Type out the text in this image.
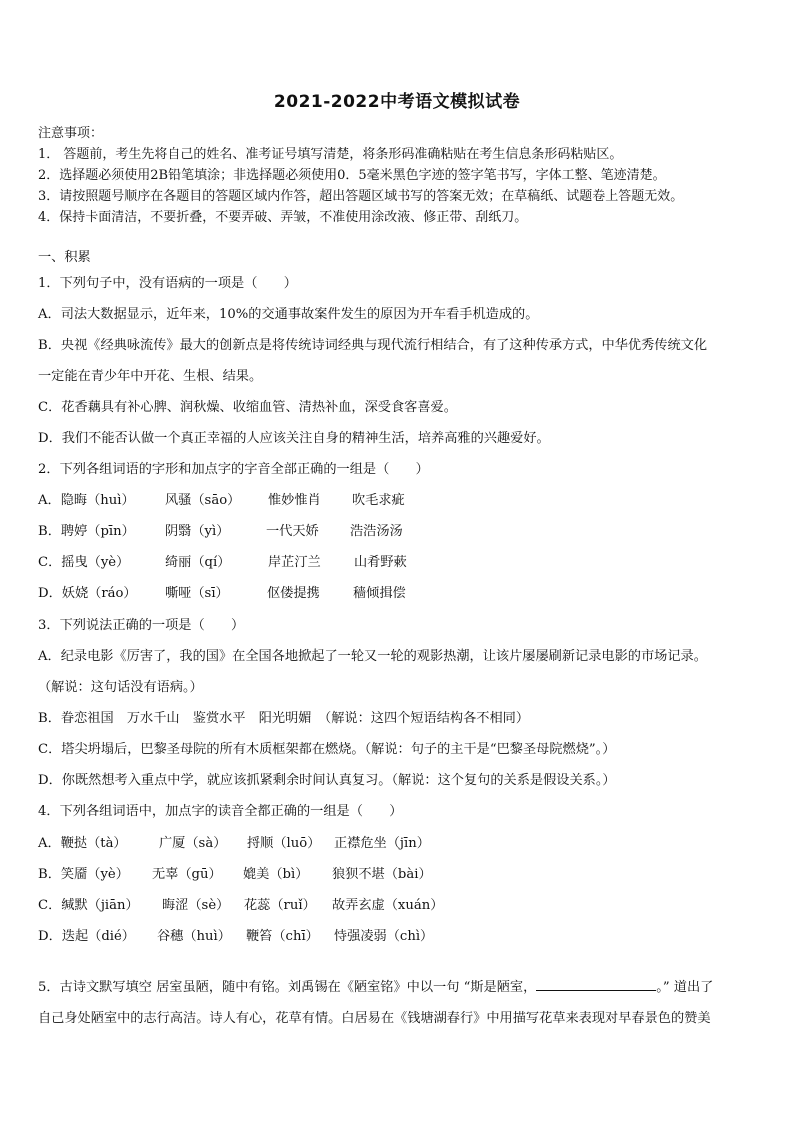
2021-2022中考语文模拟试卷
注意事项：
1． 答题前，考生先将自己的姓名、准考证号填写清楚，将条形码准确粘贴在考生信息条形码粘贴区。
2．选择题必须使用2B铅笔填涂；非选择题必须使用0．5毫米黑色字迹的签字笔书写，字体工整、笔迹清楚。
3．请按照题号顺序在各题目的答题区域内作答，超出答题区域书写的答案无效；在草稿纸、试题卷上答题无效。
4．保持卡面清洁，不要折叠，不要弄破、弄皱，不准使用涂改液、修正带、刮纸刀。
一、积累
1．下列句子中，没有语病的一项是（　　）
A．司法大数据显示，近年来，10%的交通事故案件发生的原因为开车看手机造成的。
B．央视《经典咏流传》最大的创新点是将传统诗词经典与现代流行相结合，有了这种传承方式，中华优秀传统文化
一定能在青少年中开花、生根、结果。
C．花香藕具有补心脾、润秋燥、收缩血管、清热补血，深受食客喜爱。
D．我们不能否认做一个真正幸福的人应该关注自身的精神生活，培养高雅的兴趣爱好。
2．下列各组词语的字形和加点字的字音全部正确的一组是（　　）
A．隐晦（huì） 风骚（sāo） 惟妙惟肖 吹毛求疵
B．聘婷（pīn） 阴翳（yì）	一代天娇 浩浩汤汤
C．摇曳（yè）	绮丽（qí）	岸芷汀兰	山肴野蔌
D．妖娆（ráo） 嘶哑（sī）	伛偻提携	穑倾揖偿
3．下列说法正确的一项是（　　）
A．纪录电影《厉害了，我的国》在全国各地掀起了一轮又一轮的观影热潮，让该片屡屡刷新记录电影的市场记录。
（解说：这句话没有语病。）
B．眷恋祖国　万水千山　鉴赏水平　阳光明媚　（解说：这四个短语结构各不相同）
C．塔尖坍塌后，巴黎圣母院的所有木质框架都在燃烧。（解说：句子的主干是“巴黎圣母院燃烧”。）
D．你既然想考入重点中学，就应该抓紧剩余时间认真复习。（解说：这个复句的关系是假设关系。）
4．下列各组词语中，加点字的读音全都正确的一组是（　　）
A．鞭挞（tà） 广厦（sà） 捋顺（luō） 正襟危坐（jīn）
B．笑靥（yè） 无辜（gū） 媲美（bì） 狼狈不堪（bài）
C．缄默（jiān） 晦涩（sè） 花蕊（ruǐ） 故弄玄虚（xuán）
D．迭起（dié） 谷穗（huì） 鞭笞（chī） 恃强凌弱（chì）
5．古诗文默写填空 居室虽陋，随中有铭。刘禹锡在《陋室铭》中以一句 “斯是陋室，	。” 道出了
自己身处陋室中的志行高洁。诗人有心，花草有情。白居易在《钱塘湖春行》中用描写花草来表现对早春景色的赞美
